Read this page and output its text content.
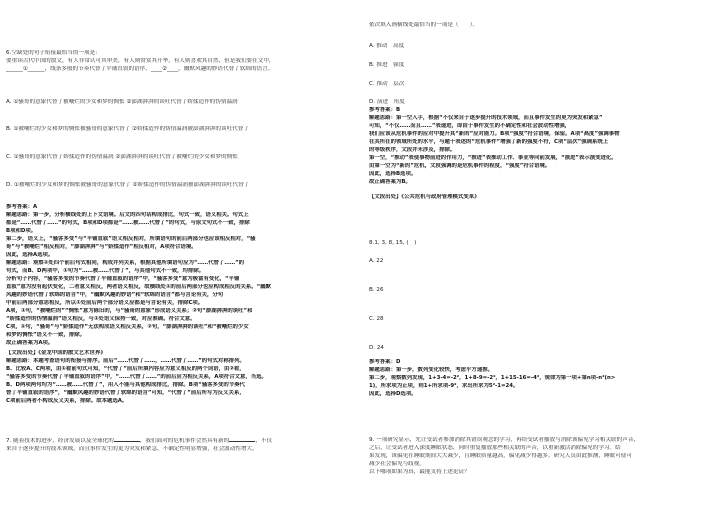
6.空缺处的句子衔接最恰当的一项是：
要重读古代中国的散文，有人非常认可其审美，有人则赞赏其升华，有人则喜欢其自然，但是我们要在文中，
______①______，线条多般的节奏代替了平铺直叙的语序，____②____，幽默风趣的妙语代替了软绵的语言。
A. ①骚哥的意象代替了被嘲烂的少女和梦的惆怅 ②澎湖湃湃的谈吐代替了娇揉造作的伪情温润
B. ①被嘲烂的少女和梦的惆怅被骚哥的意象代替了 ②娇揉造作的伪情温润被澎湖湃湃的谈吐代替了
C. ①骚哥的意象代替了娇揉造作的伪情温润 ②澎湖湃湃的谈吐代替了被嘲烂的少女和梦的惆怅
D. ①被嘲烂的少女和梦的惆怅被骚哥的意象代替了 ②娇揉造作的伪情温润被澎湖湃湃的谈吐代替了
参考答案：A
解题思路：第一步，分析横线处的上下文语境。后文的四句话构成排比，句式一致，语义相关。句式上
都是“……代替了……”的句式，B项和D项都是“……被……代替了”的句式，与原文句式不一致，排除
B项和D项。
第二步，语义上，“骚客多变”与“平铺直叙”语义相反相对，所填语句的前后两部分也应该相反相对，“骚
哥”与“被嘲烂”相反相对，“澎湖湃湃”与“娇揉造作”相反相对，A项符合语境。
因此，选择A选项。
解题思路：观察①处四个前后句式相同，构成并列关系，根据其他所填语句应为“……代替了……”的
句式，而B、D两项中，①句为“……被……代替了”，与其他句式不一致，均排除。
分析句子内容，“骚客多变的节奏代替了平铺直叙的语序”中，“骚客多变”意为极富有变化，“平铺
直叙”意为没有起伏变化，二者意义相反，两者语义相反，故横线处①的前后两部分也应构成相反的关系。“幽默
风趣的妙语代替了软绵的语言”中，“幽默风趣的妙语”和“软绵的语言”都与言论有关，分句
中前后两部分意思相反，所以①处前后两个部分语义应都是与言论有关，排除C项。
A项，①句，“被嘲烂的”“惆怅”意为陈旧的，与“骚哥的意象”形成语义关系；②句“澎湖湃湃的谈吐”和
“娇揉造作的伪情温润”语义相反，与①处语义保持一致，对应准确。符合文意。
C项，①句，“骚哥”与“娇揉造作”无法构成语义相反关系，②句，“澎湖湃湃的谈吐”和“被嘲烂的少女
和梦的惆怅”语义不一致，排除。
故正确答案为A项。
【文段出处】《金龙中国的散文艺术世界》
解题思路：本题考查语句的衔接与排序。前后“……代替了……，……代替了……”的句式对称排列。
B、比较A、C两项，由①看前句式可知，“代替了”前后所填内容应为意义相反的两个词语，由②看，
“骚客多变的节奏代替了平铺直叙的语序”中，“……代替了……”的前后应为相反关系，A项符合文意，当选。
B、D两项两句均为“……被……代替了”，用入不能与其他构成排比，排除。B项“骚客多变的节奏代
替了平铺直叙的语序”，“幽默风趣的妙语代替了软绵的语言”可知，“代替了”前后所写为反义关系，
C项前后两者不构成反义关系，排除。故本题选A。
7. 随着技术的进步，经济发展以及全球化的	，我们面对的危机事件会然具有新的	，不仅
来自于逐步提升的技术领域，而且事件发生的更为突发和紧急，不确定性明显增强，社会波动性增大。
依次填入画横线处最恰当的一项是（　　）。
A. 推动　高度
B. 推进　强度
C. 推动　层次
D. 演进　角度
参考答案：B
解题思路：第一空入手，根据“不仅来自于逐步提升的技术领域，而且事件发生的更为突发和紧急”
可知，“不仅……而且……”表递进，即由于事件发生的不确定性和社会波动性增强，
我们应该从危机事件的应对中提升其“新的”应对能力。B项“强度”符合语境，保留。A项“高度”强调事物
在其所在的领域所处的水平，与题干表述的“危机事件”增强了新的强度不符，C项“层次”强调系统上
的等级秩序，文段并未涉及，排除。
第一空，“推动”表使事物前进的作用力，“推进”表推动工作、事业等向前发展，“演进”表示演变进化。
由第一空为“新的”危机，文段强调的是危机事件的程度，“强度”符合语境。
因此，选择B选项。
故正确答案为B。
【文段出处】《公共危机与政府管理模式变革》
8.1, 3, 8, 15, (　)
A. 22
B. 26
C. 28
D. 24
参考答案：D
解题思路：第一步，数列变化较快，考虑平方递推。
第二步，观察数列发现，1+3-4=-2²，1+8-9=-2²，1+15-16=-4²，规律为第一项+第n项-n²(n>
1)，所求项为正项，则1+所求项-9²，求出所求为5²-1=24。
因此，选择D选项。
9. 一项研究显示，先让受试者参加消除其错误观念的学习，再给受试者播放与消除该偏见学习相关联的声音，
之后，让受试者进入深度睡眠状态，同时重复播放那些相关联的声音，以重新激活消除偏见的学习。结
果发现，该偏见在睡眠期间大大减少，且睡眠质量越高，偏见减少得越多。研究人员由此推测，睡眠可使可
减少社会偏见与歧视。
以下哪项如果为真，最能支持上述论证？
